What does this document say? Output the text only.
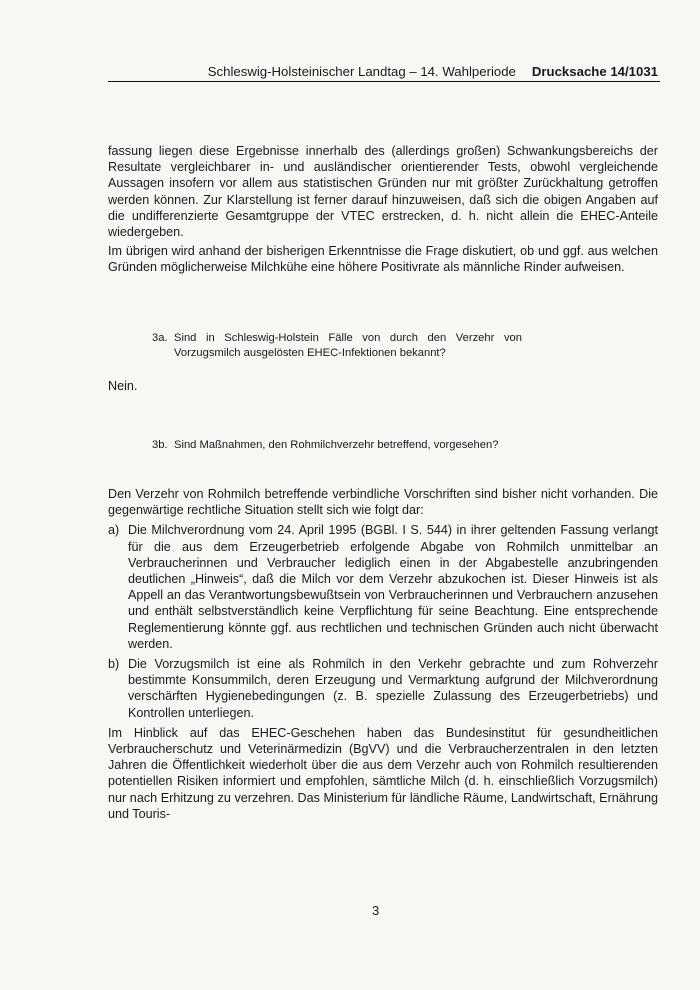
Schleswig-Holsteinischer Landtag – 14. Wahlperiode Drucksache 14/1031

fassung liegen diese Ergebnisse innerhalb des (allerdings großen) Schwankungsbereichs der Resultate vergleichbarer in- und ausländischer orientierender Tests, obwohl vergleichende Aussagen insofern vor allem aus statistischen Gründen nur mit größter Zurückhaltung getroffen werden können. Zur Klarstellung ist ferner darauf hinzuweisen, daß sich die obigen Angaben auf die undifferenzierte Gesamtgruppe der VTEC erstrecken, d. h. nicht allein die EHEC-Anteile wiedergeben.

Im übrigen wird anhand der bisherigen Erkenntnisse die Frage diskutiert, ob und ggf. aus welchen Gründen möglicherweise Milchkühe eine höhere Positivrate als männliche Rinder aufweisen.

3a. Sind in Schleswig-Holstein Fälle von durch den Verzehr von Vorzugsmilch ausgelösten EHEC-Infektionen bekannt?

Nein.

3b. Sind Maßnahmen, den Rohmilchverzehr betreffend, vorgesehen?
Den Verzehr von Rohmilch betreffende verbindliche Vorschriften sind bisher nicht vorhanden. Die gegenwärtige rechtliche Situation stellt sich wie folgt dar:
a) Die Milchverordnung vom 24. April 1995 (BGBl. I S. 544) in ihrer geltenden Fassung verlangt für die aus dem Erzeugerbetrieb erfolgende Abgabe von Rohmilch unmittelbar an Verbraucherinnen und Verbraucher lediglich einen in der Abgabestelle anzubringenden deutlichen „Hinweis“, daß die Milch vor dem Verzehr abzukochen ist. Dieser Hinweis ist als Appell an das Verantwortungsbewußtsein von Verbraucherinnen und Verbrauchern anzusehen und enthält selbstverständlich keine Verpflichtung für seine Beachtung. Eine entsprechende Reglementierung könnte ggf. aus rechtlichen und technischen Gründen auch nicht überwacht werden.
b) Die Vorzugsmilch ist eine als Rohmilch in den Verkehr gebrachte und zum Rohverzehr bestimmte Konsummilch, deren Erzeugung und Vermarktung aufgrund der Milchverordnung verschärften Hygienebedingungen (z. B. spezielle Zulassung des Erzeugerbetriebs) und Kontrollen unterliegen.
Im Hinblick auf das EHEC-Geschehen haben das Bundesinstitut für gesundheitlichen Verbraucherschutz und Veterinärmedizin (BgVV) und die Verbraucherzentralen in den letzten Jahren die Öffentlichkeit wiederholt über die aus dem Verzehr auch von Rohmilch resultierenden potentiellen Risiken informiert und empfohlen, sämtliche Milch (d. h. einschließlich Vorzugsmilch) nur nach Erhitzung zu verzehren. Das Ministerium für ländliche Räume, Landwirtschaft, Ernährung und Touris-
3
